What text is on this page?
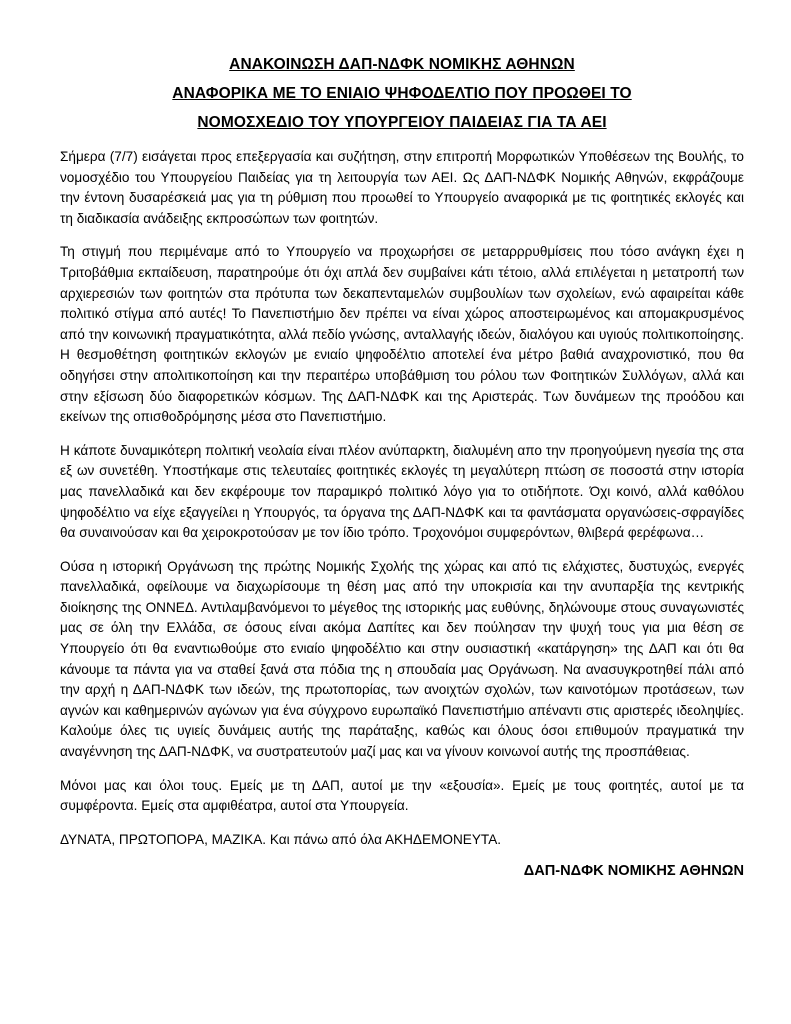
ΑΝΑΚΟΙΝΩΣΗ ΔΑΠ-ΝΔΦΚ ΝΟΜΙΚΗΣ ΑΘΗΝΩΝ
ΑΝΑΦΟΡΙΚΑ ΜΕ ΤΟ ΕΝΙΑΙΟ ΨΗΦΟΔΕΛΤΙΟ ΠΟΥ ΠΡΟΩΘΕΙ ΤΟ
ΝΟΜΟΣΧΕΔΙΟ ΤΟΥ ΥΠΟΥΡΓΕΙΟΥ ΠΑΙΔΕΙΑΣ ΓΙΑ ΤΑ ΑΕΙ

Σήμερα (7/7) εισάγεται προς επεξεργασία και συζήτηση, στην επιτροπή Μορφωτικών Υποθέσεων της Βουλής, το νομοσχέδιο του Υπουργείου Παιδείας για τη λειτουργία των ΑΕΙ. Ως ΔΑΠ-ΝΔΦΚ Νομικής Αθηνών, εκφράζουμε την έντονη δυσαρέσκειά μας για τη ρύθμιση που προωθεί το Υπουργείο αναφορικά με τις φοιτητικές εκλογές και τη διαδικασία ανάδειξης εκπροσώπων των φοιτητών.

Τη στιγμή που περιμέναμε από το Υπουργείο να προχωρήσει σε μεταρρρυθμίσεις που τόσο ανάγκη έχει η Τριτοβάθμια εκπαίδευση, παρατηρούμε ότι όχι απλά δεν συμβαίνει κάτι τέτοιο, αλλά επιλέγεται η μετατροπή των αρχιερεσιών των φοιτητών στα πρότυπα των δεκαπενταμελών συμβουλίων των σχολείων, ενώ αφαιρείται κάθε πολιτικό στίγμα από αυτές! Το Πανεπιστήμιο δεν πρέπει να είναι χώρος αποστειρωμένος και απομακρυσμένος από την κοινωνική πραγματικότητα, αλλά πεδίο γνώσης, ανταλλαγής ιδεών, διαλόγου και υγιούς πολιτικοποίησης. Η θεσμοθέτηση φοιτητικών εκλογών με ενιαίο ψηφοδέλτιο αποτελεί ένα μέτρο βαθιά αναχρονιστικό, που θα οδηγήσει στην απολιτικοποίηση και την περαιτέρω υποβάθμιση του ρόλου των Φοιτητικών Συλλόγων, αλλά και στην εξίσωση δύο διαφορετικών κόσμων. Της ΔΑΠ-ΝΔΦΚ και της Αριστεράς. Των δυνάμεων της προόδου και εκείνων της οπισθοδρόμησης μέσα στο Πανεπιστήμιο.

Η κάποτε δυναμικότερη πολιτική νεολαία είναι πλέον ανύπαρκτη, διαλυμένη απο την προηγούμενη ηγεσία της στα εξ ων συνετέθη. Υποστήκαμε στις τελευταίες φοιτητικές εκλογές τη μεγαλύτερη πτώση σε ποσοστά στην ιστορία μας πανελλαδικά και δεν εκφέρουμε τον παραμικρό πολιτικό λόγο για το οτιδήποτε. Όχι κοινό, αλλά καθόλου ψηφοδέλτιο να είχε εξαγγείλει η Υπουργός, τα όργανα της ΔΑΠ-ΝΔΦΚ και τα φαντάσματα οργανώσεις-σφραγίδες θα συναινούσαν και θα χειροκροτούσαν με τον ίδιο τρόπο. Τροχονόμοι συμφερόντων, θλιβερά φερέφωνα…

Ούσα η ιστορική Οργάνωση της πρώτης Νομικής Σχολής της χώρας και από τις ελάχιστες, δυστυχώς, ενεργές πανελλαδικά, οφείλουμε να διαχωρίσουμε τη θέση μας από την υποκρισία και την ανυπαρξία της κεντρικής διοίκησης της ΟΝΝΕΔ. Αντιλαμβανόμενοι το μέγεθος της ιστορικής μας ευθύνης, δηλώνουμε στους συναγωνιστές μας σε όλη την Ελλάδα, σε όσους είναι ακόμα Δαπίτες και δεν πούλησαν την ψυχή τους για μια θέση σε Υπουργείο ότι θα εναντιωθούμε στο ενιαίο ψηφοδέλτιο και στην ουσιαστική «κατάργηση» της ΔΑΠ και ότι θα κάνουμε τα πάντα για να σταθεί ξανά στα πόδια της η σπουδαία μας Οργάνωση. Να ανασυγκροτηθεί πάλι από την αρχή η ΔΑΠ-ΝΔΦΚ των ιδεών, της πρωτοπορίας, των ανοιχτών σχολών, των καινοτόμων προτάσεων, των αγνών και καθημερινών αγώνων για ένα σύγχρονο ευρωπαϊκό Πανεπιστήμιο απέναντι στις αριστερές ιδεοληψίες. Καλούμε όλες τις υγιείς δυνάμεις αυτής της παράταξης, καθώς και όλους όσοι επιθυμούν πραγματικά την αναγέννηση της ΔΑΠ-ΝΔΦΚ, να συστρατευτούν μαζί μας και να γίνουν κοινωνοί αυτής της προσπάθειας.

Μόνοι μας και όλοι τους. Εμείς με τη ΔΑΠ, αυτοί με την «εξουσία». Εμείς με τους φοιτητές, αυτοί με τα συμφέροντα. Εμείς στα αμφιθέατρα, αυτοί στα Υπουργεία.

ΔΥΝΑΤΑ, ΠΡΩΤΟΠΟΡΑ, ΜΑΖΙΚΑ. Και πάνω από όλα ΑΚΗΔΕΜΟΝΕΥΤΑ.

ΔΑΠ-ΝΔΦΚ ΝΟΜΙΚΗΣ ΑΘΗΝΩΝ
